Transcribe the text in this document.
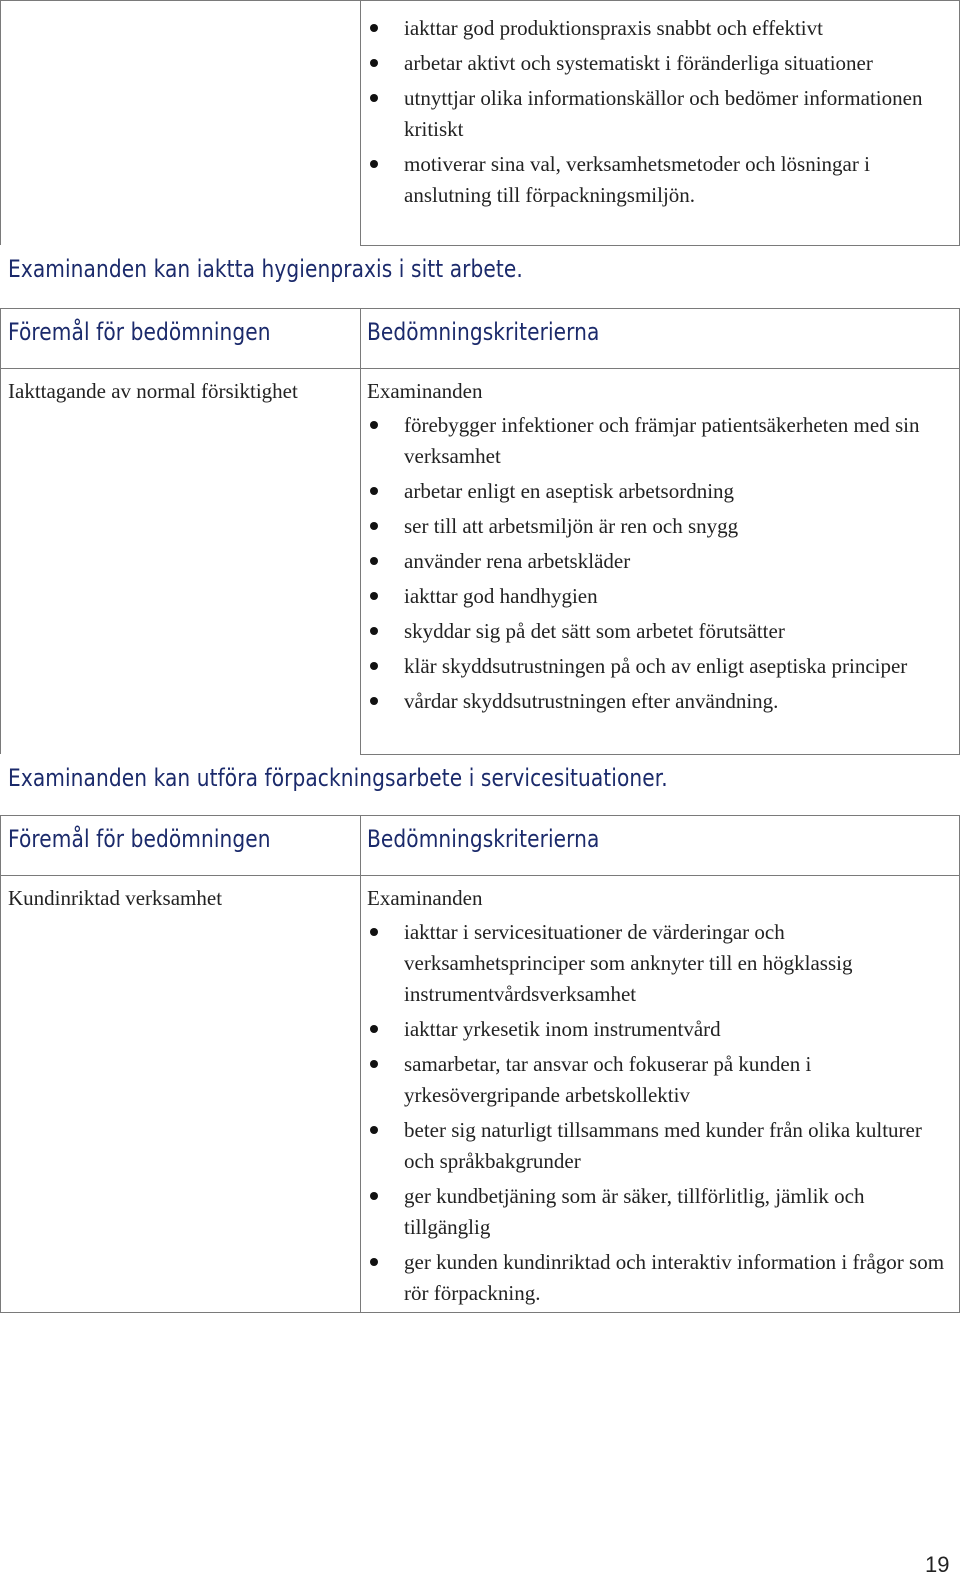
iakttar god produktionspraxis snabbt och effektivt
arbetar aktivt och systematiskt i föränderliga situationer
utnyttjar olika informationskällor och bedömer informationen kritiskt
motiverar sina val, verksamhetsmetoder och lösningar i anslutning till förpackningsmiljön.
Examinanden kan iaktta hygienpraxis i sitt arbete.
Föremål för bedömningen	Bedömningskriterierna
Iakttagande av normal försiktighet	Examinanden
förebygger infektioner och främjar patientsäkerheten med sin verksamhet
arbetar enligt en aseptisk arbetsordning
ser till att arbetsmiljön är ren och snygg
använder rena arbetskläder
iakttar god handhygien
skyddar sig på det sätt som arbetet förutsätter
klär skyddsutrustningen på och av enligt aseptiska principer
vårdar skyddsutrustningen efter användning.
Examinanden kan utföra förpackningsarbete i servicesituationer.
Föremål för bedömningen	Bedömningskriterierna
Kundinriktad verksamhet	Examinanden
iakttar i servicesituationer de värderingar och verksamhetsprinciper som anknyter till en högklassig instrumentvårdsverksamhet
iakttar yrkesetik inom instrumentvård
samarbetar, tar ansvar och fokuserar på kunden i yrkesövergripande arbetskollektiv
beter sig naturligt tillsammans med kunder från olika kulturer och språkbakgrunder
ger kundbetjäning som är säker, tillförlitlig, jämlik och tillgänglig
ger kunden kundinriktad och interaktiv information i frågor som rör förpackning.
19
